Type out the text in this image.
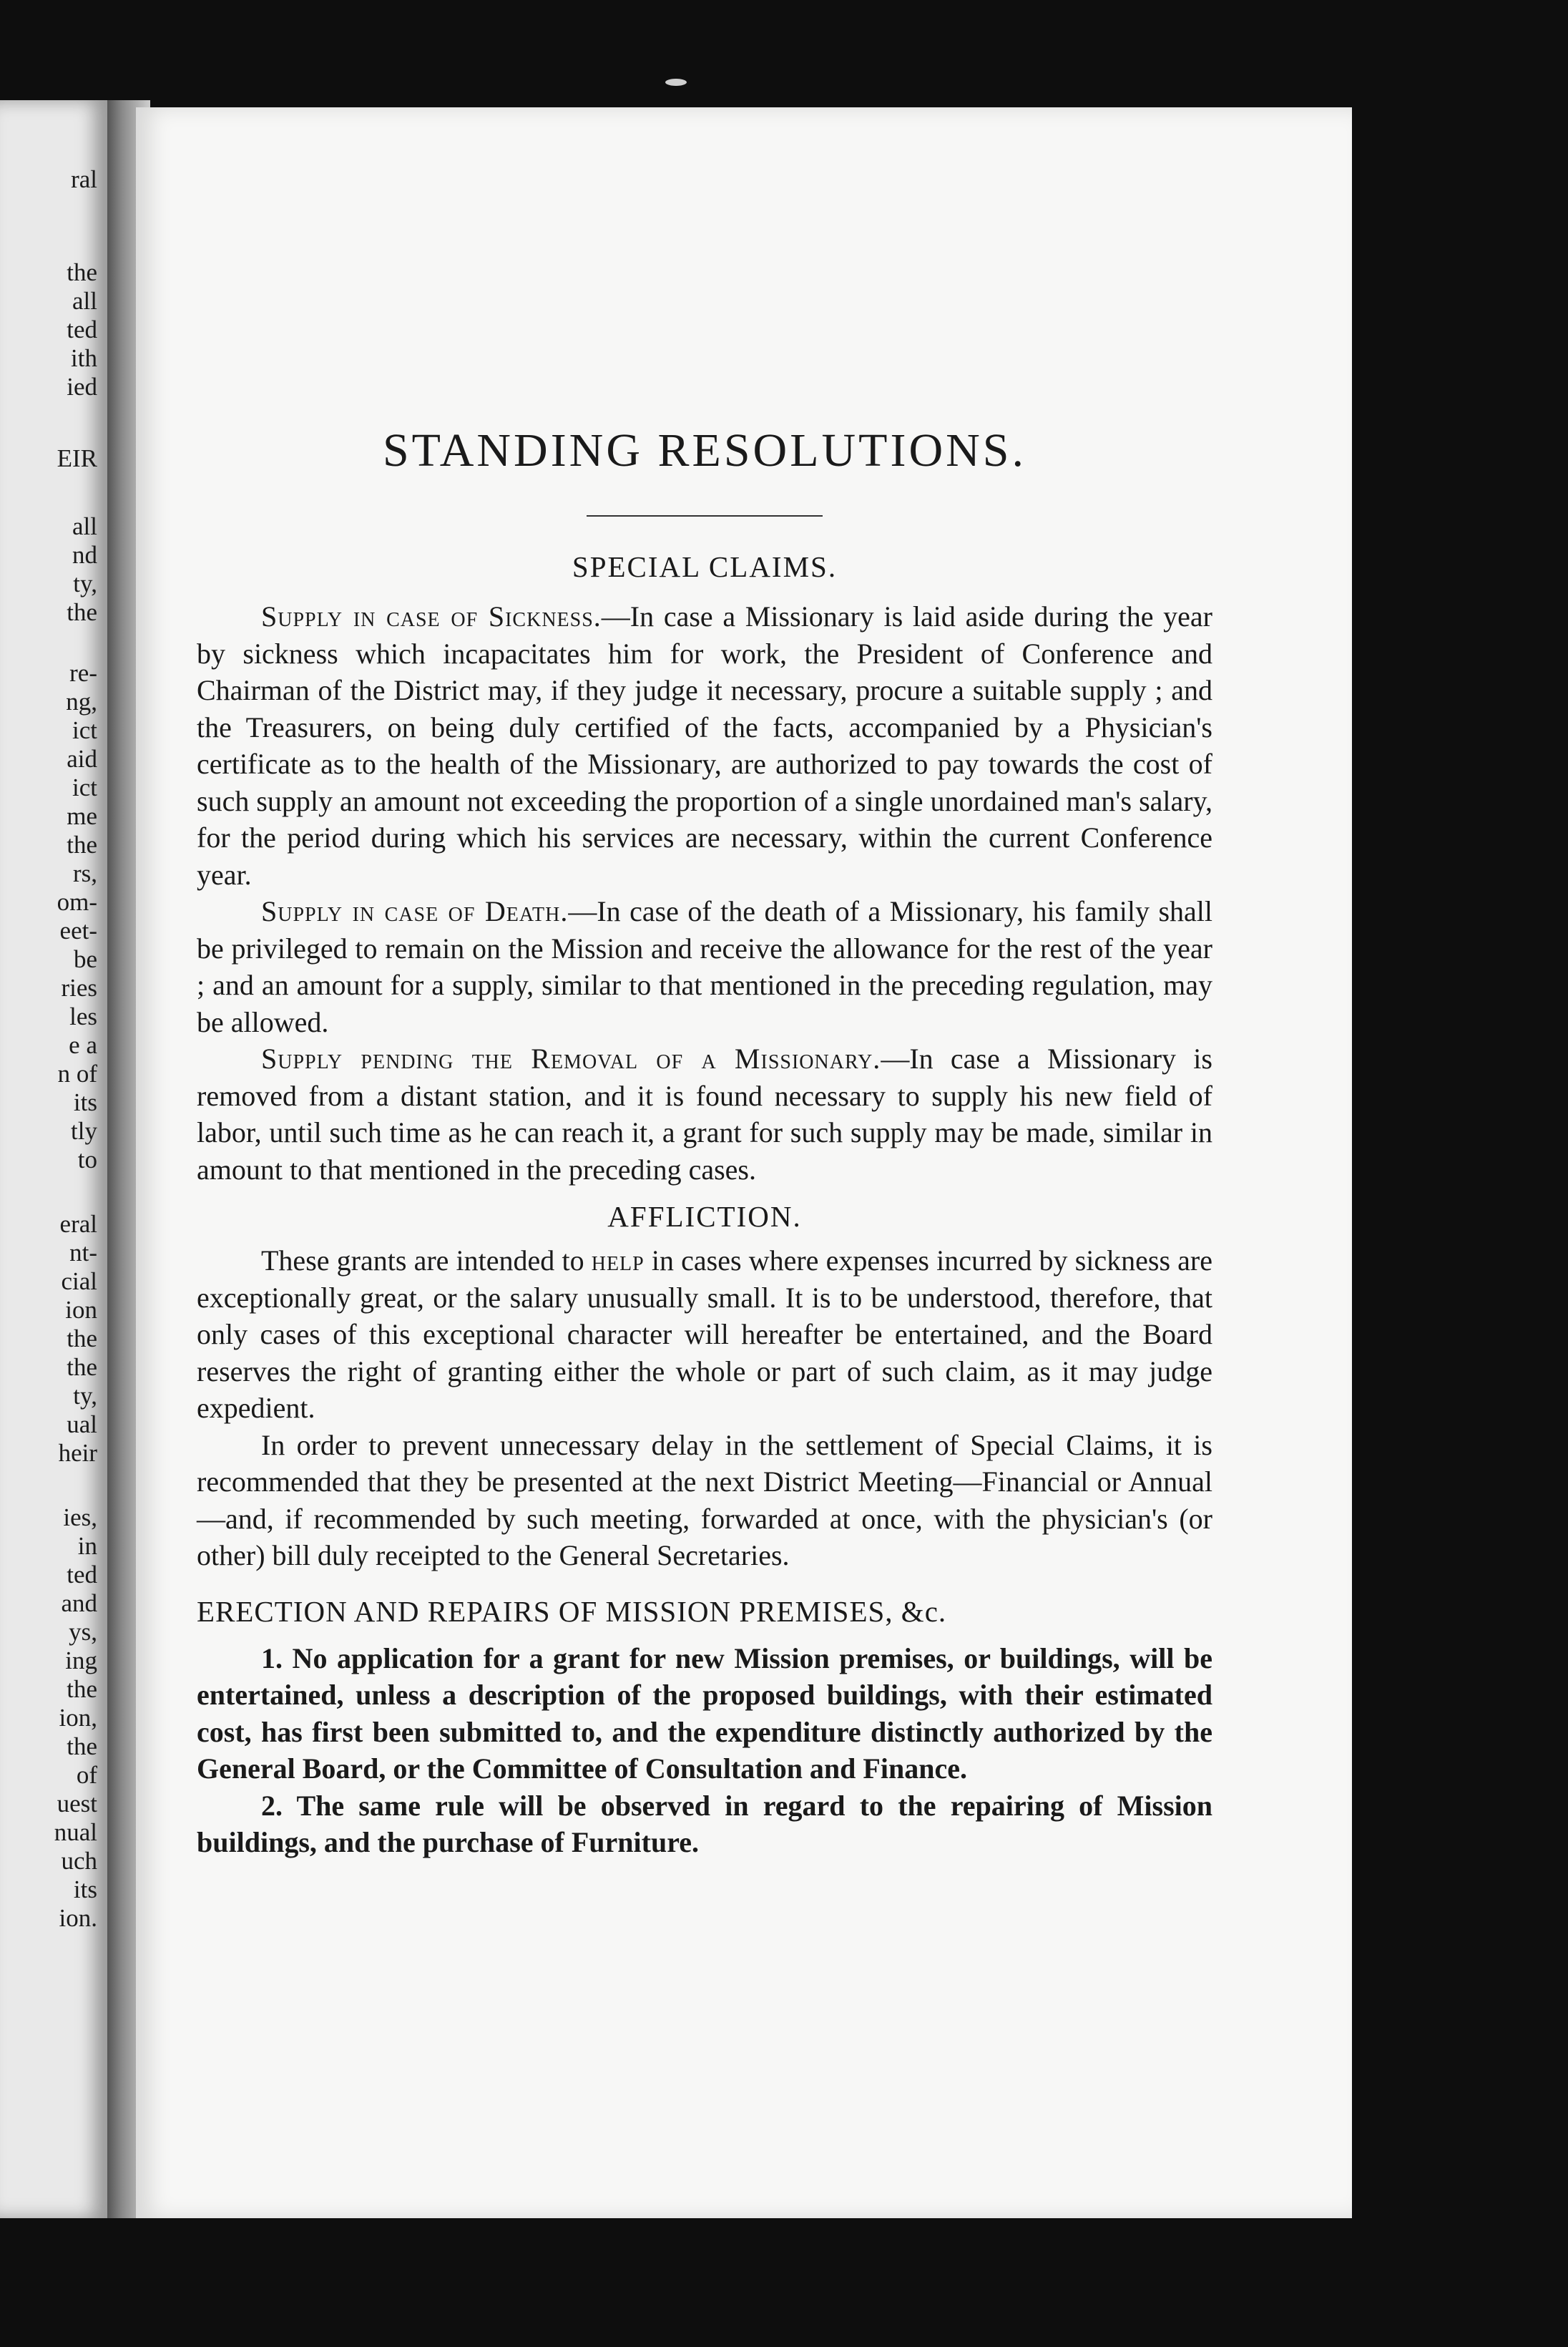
ral

the

all

ted

ith

ied

EIR

all

nd

ty,

the

re-

ng,

ict

aid

ict

me

the

rs,

om-

eet-

be

ries

les

e a

n of

its

tly

to

eral

nt-

cial

ion

the

the

ty,

ual

heir

ies,

in

ted

and

ys,

ing

the

ion,

the

of

uest

nual

uch

its

ion.

STANDING RESOLUTIONS.
SPECIAL CLAIMS.

Supply in case of Sickness.—In case a Missionary is laid aside during the year by sickness which incapacitates him for work, the President of Conference and Chairman of the District may, if they judge it necessary, procure a suitable supply ; and the Treasurers, on being duly certified of the facts, accompanied by a Physician's certificate as to the health of the Missionary, are authorized to pay towards the cost of such supply an amount not exceeding the proportion of a single unordained man's salary, for the period during which his services are necessary, within the current Conference year.

Supply in case of Death.—In case of the death of a Missionary, his family shall be privileged to remain on the Mission and receive the allowance for the rest of the year ; and an amount for a supply, similar to that mentioned in the preceding regulation, may be allowed.

Supply pending the Removal of a Missionary.—In case a Missionary is removed from a distant station, and it is found necessary to supply his new field of labor, until such time as he can reach it, a grant for such supply may be made, similar in amount to that mentioned in the preceding cases.

AFFLICTION.

These grants are intended to help in cases where expenses incurred by sickness are exceptionally great, or the salary unusually small. It is to be understood, therefore, that only cases of this exceptional character will hereafter be entertained, and the Board reserves the right of granting either the whole or part of such claim, as it may judge expedient.

In order to prevent unnecessary delay in the settlement of Special Claims, it is recommended that they be presented at the next District Meeting—Financial or Annual—and, if recommended by such meeting, forwarded at once, with the physician's (or other) bill duly receipted to the General Secretaries.

ERECTION AND REPAIRS OF MISSION PREMISES, &c.

1. No application for a grant for new Mission premises, or buildings, will be entertained, unless a description of the proposed buildings, with their estimated cost, has first been submitted to, and the expenditure distinctly authorized by the General Board, or the Committee of Consultation and Finance.

2. The same rule will be observed in regard to the repairing of Mission buildings, and the purchase of Furniture.
